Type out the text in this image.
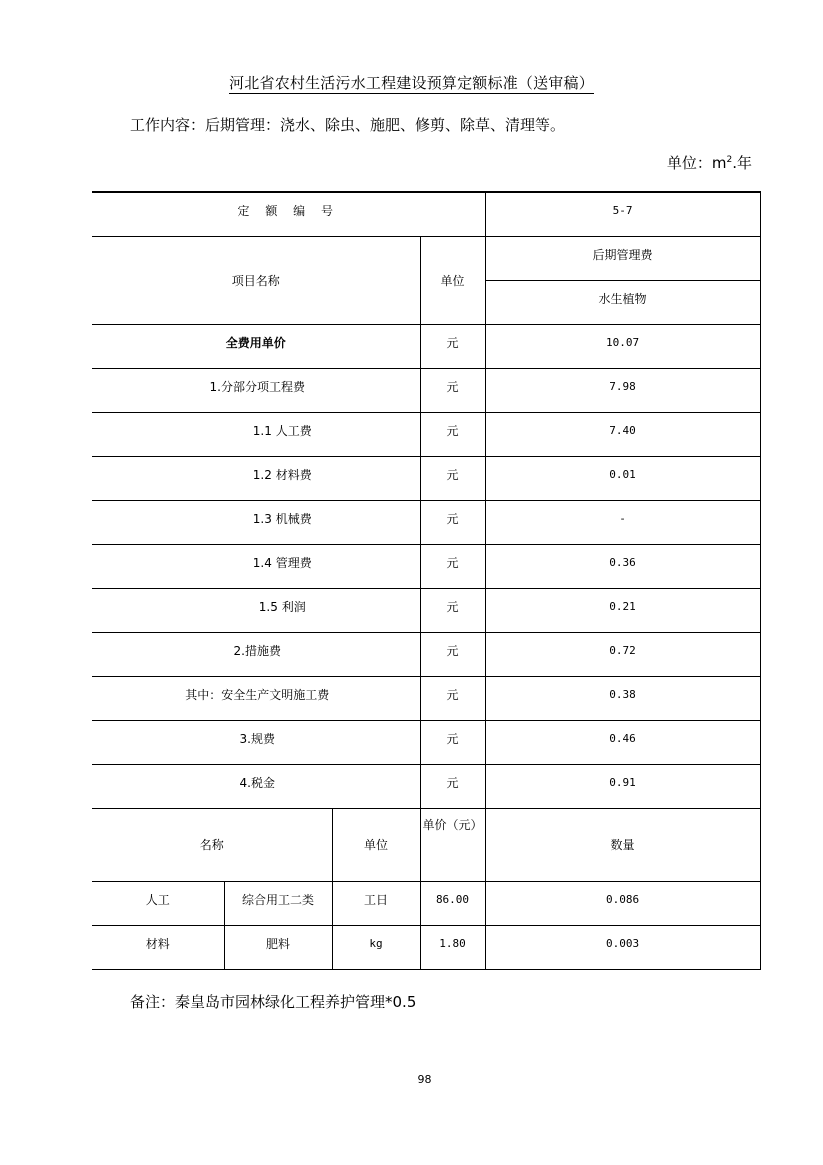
河北省农村生活污水工程建设预算定额标准（送审稿）
工作内容：后期管理：浇水、除虫、施肥、修剪、除草、清理等。
单位：$m^2$.年
定 额 编 号				5-7

项目名称			单位	后期管理费

				水生植物

全费用单价			元	10.07

1.分部分项工程费			元	7.98

1.1 人工费			元	7.40

1.2 材料费			元	0.01

1.3 机械费			元	-

1.4 管理费			元	0.36

1.5 利润			元	0.21

2.措施费			元	0.72

其中：安全生产文明施工费			元	0.38

3.规费			元	0.46

4.税金			元	0.91

名称		单位	单价（元）	数量

人工	综合用工二类	工日	86.00	0.086

材料	肥料	kg	1.80	0.003
备注：秦皇岛市园林绿化工程养护管理*0.5
98
